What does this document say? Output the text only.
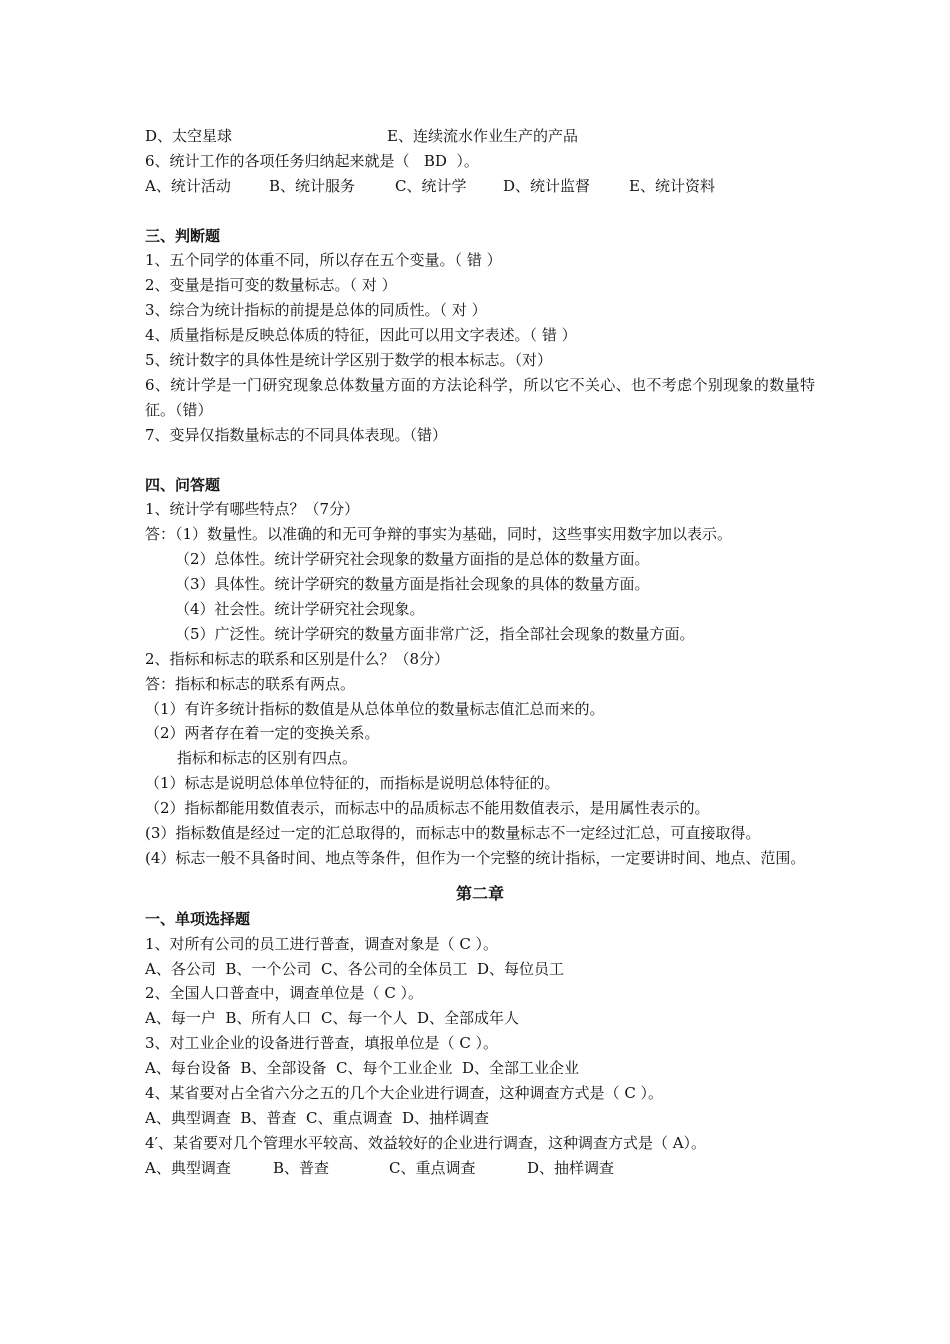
D、太空星球	E、连续流水作业生产的产品
6、统计工作的各项任务归纳起来就是（   BD  ）。
A、统计活动	B、统计服务	C、统计学 D、统计监督	E、统计资料
三、判断题
1、五个同学的体重不同，所以存在五个变量。（ 错 ）
2、变量是指可变的数量标志。（ 对 ）
3、综合为统计指标的前提是总体的同质性。（ 对 ）
4、质量指标是反映总体质的特征，因此可以用文字表述。（ 错 ）
5、统计数字的具体性是统计学区别于数学的根本标志。（对）
6、统计学是一门研究现象总体数量方面的方法论科学，所以它不关心、也不考虑个别现象的数量特征。（错）
7、变异仅指数量标志的不同具体表现。（错）
四、问答题
1、统计学有哪些特点？（7分）
答：（1）数量性。以准确的和无可争辩的事实为基础，同时，这些事实用数字加以表示。
（2）总体性。统计学研究社会现象的数量方面指的是总体的数量方面。
（3）具体性。统计学研究的数量方面是指社会现象的具体的数量方面。
（4）社会性。统计学研究社会现象。
（5）广泛性。统计学研究的数量方面非常广泛，指全部社会现象的数量方面。
2、指标和标志的联系和区别是什么？（8分）
答：指标和标志的联系有两点。
（1）有许多统计指标的数值是从总体单位的数量标志值汇总而来的。
（2）两者存在着一定的变换关系。
指标和标志的区别有四点。
（1）标志是说明总体单位特征的，而指标是说明总体特征的。
（2）指标都能用数值表示，而标志中的品质标志不能用数值表示，是用属性表示的。
(3）指标数值是经过一定的汇总取得的，而标志中的数量标志不一定经过汇总，可直接取得。
(4）标志一般不具备时间、地点等条件，但作为一个完整的统计指标，一定要讲时间、地点、范围。
第二章
一、单项选择题
1、对所有公司的员工进行普查，调查对象是（ C ）。
A、各公司 B、一个公司 C、各公司的全体员工 D、每位员工
2、全国人口普查中，调查单位是（ C ）。
A、每一户 B、所有人口 C、每一个人 D、全部成年人
3、对工业企业的设备进行普查，填报单位是（ C ）。
A、每台设备 B、全部设备 C、每个工业企业 D、全部工业企业
4、某省要对占全省六分之五的几个大企业进行调查，这种调查方式是（ C ）。
A、典型调查 B、普查 C、重点调查 D、抽样调查
4′、某省要对几个管理水平较高、效益较好的企业进行调查，这种调查方式是（ A）。
A、典型调查	B、普查	C、重点调查	D、抽样调查
